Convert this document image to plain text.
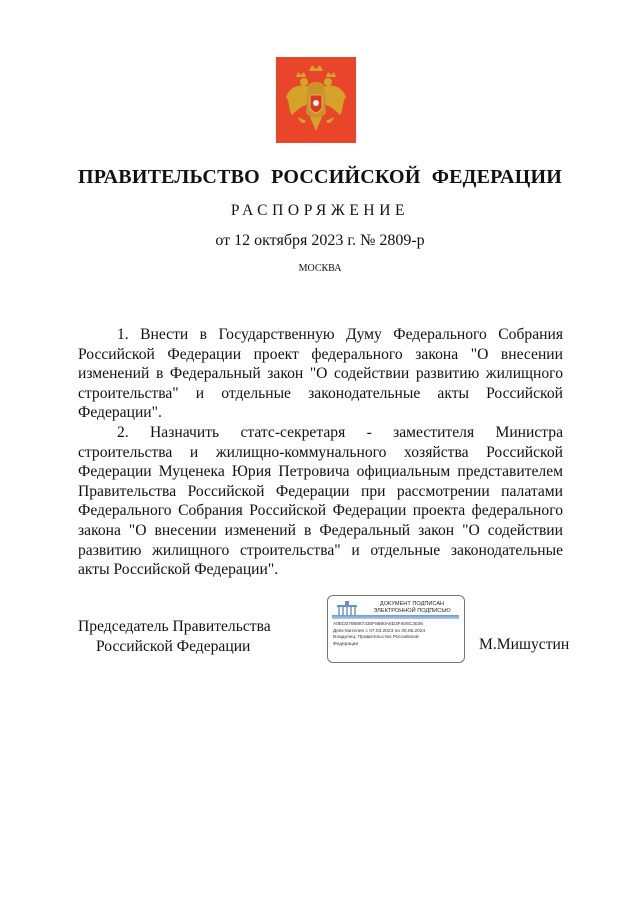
ПРАВИТЕЛЬСТВО РОССИЙСКОЙ ФЕДЕРАЦИИ
РАСПОРЯЖЕНИЕ
от 12 октября 2023 г. № 2809-р
МОСКВА

1. Внести в Государственную Думу Федерального Собрания Российской Федерации проект федерального закона "О внесении изменений в Федеральный закон "О содействии развитию жилищного строительства" и отдельные законодательные акты Российской Федерации".

2. Назначить статс-секретаря - заместителя Министра строительства и жилищно-коммунального хозяйства Российской Федерации Муценека Юрия Петровича официальным представителем Правительства Российской Федерации при рассмотрении палатами Федерального Собрания Российской Федерации проекта федерального закона "О внесении изменений в Федеральный закон "О содействии развитию жилищного строительства" и отдельные законодательные акты Российской Федерации".

Председатель Правительства
Российской Федерации
ДОКУМЕНТ ПОДПИСАН
ЭЛЕКТРОННОЙ ПОДПИСЬЮ
A0ED3788887330F8880A6D3F406C3036
Действителен с 07.03.2023 по 30.05.2024
Владелец: Правительство Российской
Федерации	М.Мишустин
